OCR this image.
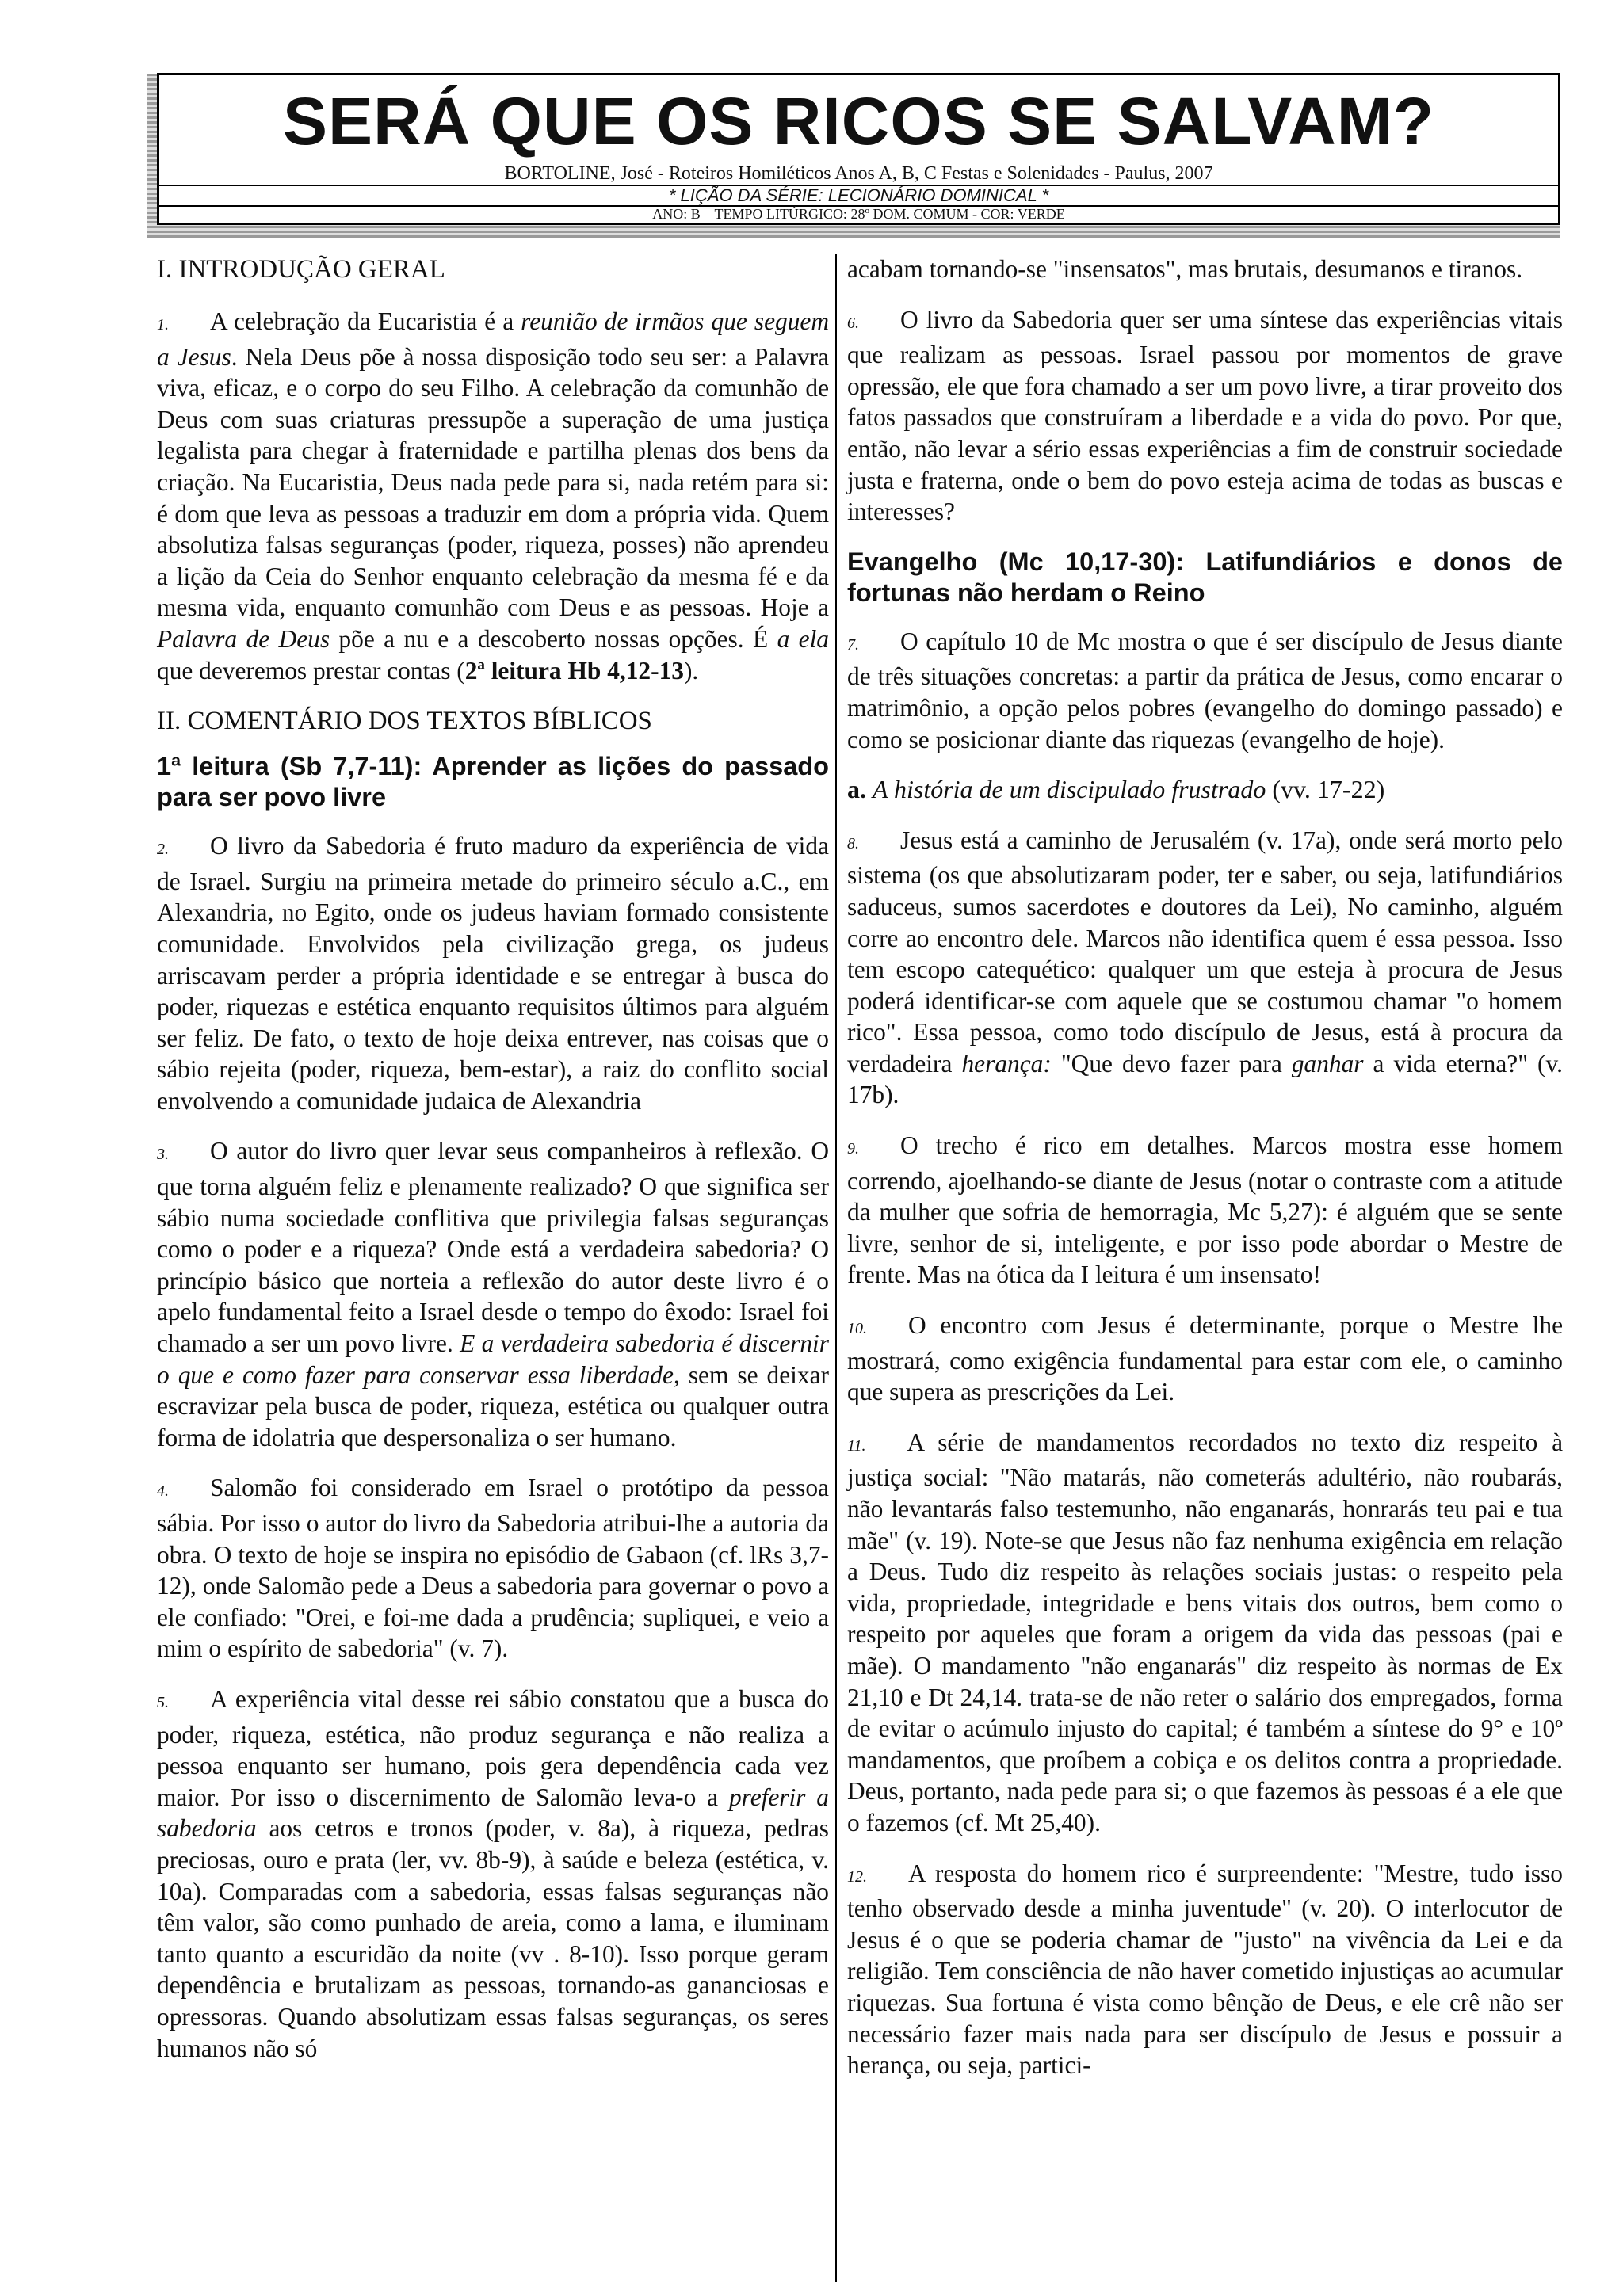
SERÁ QUE OS RICOS SE SALVAM?
BORTOLINE, José - Roteiros Homiléticos Anos A, B, C Festas e Solenidades - Paulus, 2007
* LIÇÃO DA SÉRIE: LECIONÁRIO DOMINICAL *
ANO: B – TEMPO LITÚRGICO: 28º DOM. COMUM - COR: VERDE
I. INTRODUÇÃO GERAL
1. A celebração da Eucaristia é a reunião de irmãos que seguem a Jesus. Nela Deus põe à nossa disposição todo seu ser: a Palavra viva, eficaz, e o corpo do seu Filho. A celebração da comunhão de Deus com suas criaturas pressupõe a superação de uma justiça legalista para chegar à fraternidade e partilha plenas dos bens da criação. Na Eucaristia, Deus nada pede para si, nada retém para si: é dom que leva as pessoas a traduzir em dom a própria vida. Quem absolutiza falsas seguranças (poder, riqueza, posses) não aprendeu a lição da Ceia do Senhor enquanto celebração da mesma fé e da mesma vida, enquanto comunhão com Deus e as pessoas. Hoje a Palavra de Deus põe a nu e a descoberto nossas opções. É a ela que deveremos prestar contas (2ª leitura Hb 4,12-13).
II. COMENTÁRIO DOS TEXTOS BÍBLICOS
1ª leitura (Sb 7,7-11): Aprender as lições do passado para ser povo livre
2. O livro da Sabedoria é fruto maduro da experiência de vida de Israel. Surgiu na primeira metade do primeiro século a.C., em Alexandria, no Egito, onde os judeus haviam formado consistente comunidade. Envolvidos pela civilização grega, os judeus arriscavam perder a própria identidade e se entregar à busca do poder, riquezas e estética enquanto requisitos últimos para alguém ser feliz. De fato, o texto de hoje deixa entrever, nas coisas que o sábio rejeita (poder, riqueza, bem-estar), a raiz do conflito social envolvendo a comunidade judaica de Alexandria
3. O autor do livro quer levar seus companheiros à reflexão. O que torna alguém feliz e plenamente realizado? O que significa ser sábio numa sociedade conflitiva que privilegia falsas seguranças como o poder e a riqueza? Onde está a verdadeira sabedoria? O princípio básico que norteia a reflexão do autor deste livro é o apelo fundamental feito a Israel desde o tempo do êxodo: Israel foi chamado a ser um povo livre. E a verdadeira sabedoria é discernir o que e como fazer para conservar essa liberdade, sem se deixar escravizar pela busca de poder, riqueza, estética ou qualquer outra forma de idolatria que despersonaliza o ser humano.
4. Salomão foi considerado em Israel o protótipo da pessoa sábia. Por isso o autor do livro da Sabedoria atribui-lhe a autoria da obra. O texto de hoje se inspira no episódio de Gabaon (cf. lRs 3,7-12), onde Salomão pede a Deus a sabedoria para governar o povo a ele confiado: "Orei, e foi-me dada a prudência; supliquei, e veio a mim o espírito de sabedoria" (v. 7).
5. A experiência vital desse rei sábio constatou que a busca do poder, riqueza, estética, não produz segurança e não realiza a pessoa enquanto ser humano, pois gera dependência cada vez maior. Por isso o discernimento de Salomão leva-o a preferir a sabedoria aos cetros e tronos (poder, v. 8a), à riqueza, pedras preciosas, ouro e prata (ler, vv. 8b-9), à saúde e beleza (estética, v. 10a). Comparadas com a sabedoria, essas falsas seguranças não têm valor, são como punhado de areia, como a lama, e iluminam tanto quanto a escuridão da noite (vv . 8-10). Isso porque geram dependência e brutalizam as pessoas, tornando-as gananciosas e opressoras. Quando absolutizam essas falsas seguranças, os seres humanos não só
acabam tornando-se "insensatos", mas brutais, desumanos e tiranos.
6. O livro da Sabedoria quer ser uma síntese das experiências vitais que realizam as pessoas. Israel passou por momentos de grave opressão, ele que fora chamado a ser um povo livre, a tirar proveito dos fatos passados que construíram a liberdade e a vida do povo. Por que, então, não levar a sério essas experiências a fim de construir sociedade justa e fraterna, onde o bem do povo esteja acima de todas as buscas e interesses?
Evangelho (Mc 10,17-30): Latifundiários e donos de fortunas não herdam o Reino
7. O capítulo 10 de Mc mostra o que é ser discípulo de Jesus diante de três situações concretas: a partir da prática de Jesus, como encarar o matrimônio, a opção pelos pobres (evangelho do domingo passado) e como se posicionar diante das riquezas (evangelho de hoje).
a. A história de um discipulado frustrado (vv. 17-22)
8. Jesus está a caminho de Jerusalém (v. 17a), onde será morto pelo sistema (os que absolutizaram poder, ter e saber, ou seja, latifundiários saduceus, sumos sacerdotes e doutores da Lei), No caminho, alguém corre ao encontro dele. Marcos não identifica quem é essa pessoa. Isso tem escopo catequético: qualquer um que esteja à procura de Jesus poderá identificar-se com aquele que se costumou chamar "o homem rico". Essa pessoa, como todo discípulo de Jesus, está à procura da verdadeira herança: "Que devo fazer para ganhar a vida eterna?" (v. 17b).
9. O trecho é rico em detalhes. Marcos mostra esse homem correndo, ajoelhando-se diante de Jesus (notar o contraste com a atitude da mulher que sofria de hemorragia, Mc 5,27): é alguém que se sente livre, senhor de si, inteligente, e por isso pode abordar o Mestre de frente. Mas na ótica da I leitura é um insensato!
10. O encontro com Jesus é determinante, porque o Mestre lhe mostrará, como exigência fundamental para estar com ele, o caminho que supera as prescrições da Lei.
11. A série de mandamentos recordados no texto diz respeito à justiça social: "Não matarás, não cometerás adultério, não roubarás, não levantarás falso testemunho, não enganarás, honrarás teu pai e tua mãe" (v. 19). Note-se que Jesus não faz nenhuma exigência em relação a Deus. Tudo diz respeito às relações sociais justas: o respeito pela vida, propriedade, integridade e bens vitais dos outros, bem como o respeito por aqueles que foram a origem da vida das pessoas (pai e mãe). O mandamento "não enganarás" diz respeito às normas de Ex 21,10 e Dt 24,14. trata-se de não reter o salário dos empregados, forma de evitar o acúmulo injusto do capital; é também a síntese do 9° e 10º mandamentos, que proíbem a cobiça e os delitos contra a propriedade. Deus, portanto, nada pede para si; o que fazemos às pessoas é a ele que o fazemos (cf. Mt 25,40).
12. A resposta do homem rico é surpreendente: "Mestre, tudo isso tenho observado desde a minha juventude" (v. 20). O interlocutor de Jesus é o que se poderia chamar de "justo" na vivência da Lei e da religião. Tem consciência de não haver cometido injustiças ao acumular riquezas. Sua fortuna é vista como bênção de Deus, e ele crê não ser necessário fazer mais nada para ser discípulo de Jesus e possuir a herança, ou seja, partici-
